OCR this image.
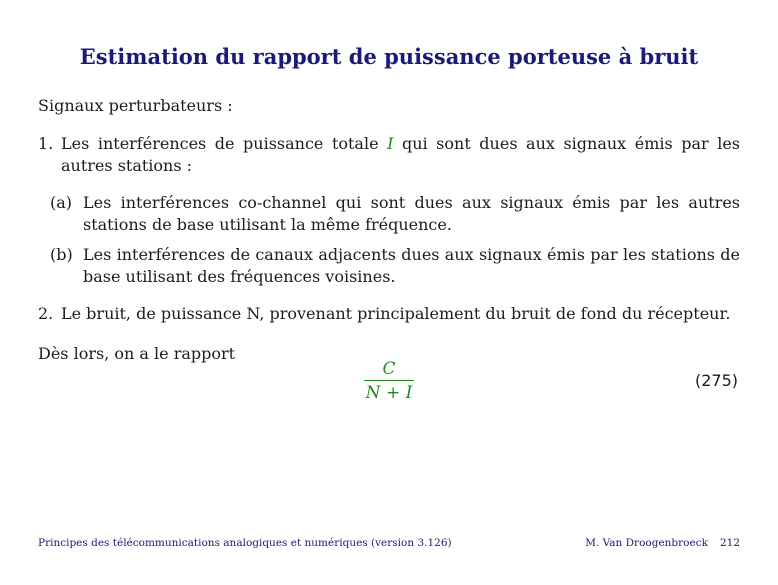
Estimation du rapport de puissance porteuse à bruit
Signaux perturbateurs :
1. Les interférences de puissance totale I qui sont dues aux signaux émis par les autres stations :
(a) Les interférences co-channel qui sont dues aux signaux émis par les autres stations de base utilisant la même fréquence.
(b) Les interférences de canaux adjacents dues aux signaux émis par les stations de base utilisant des fréquences voisines.
2. Le bruit, de puissance N, provenant principalement du bruit de fond du récepteur.
Dès lors, on a le rapport
C
N + I
(275)
Principes des télécommunications analogiques et numériques (version 3.126)	M. Van Droogenbroeck 212
